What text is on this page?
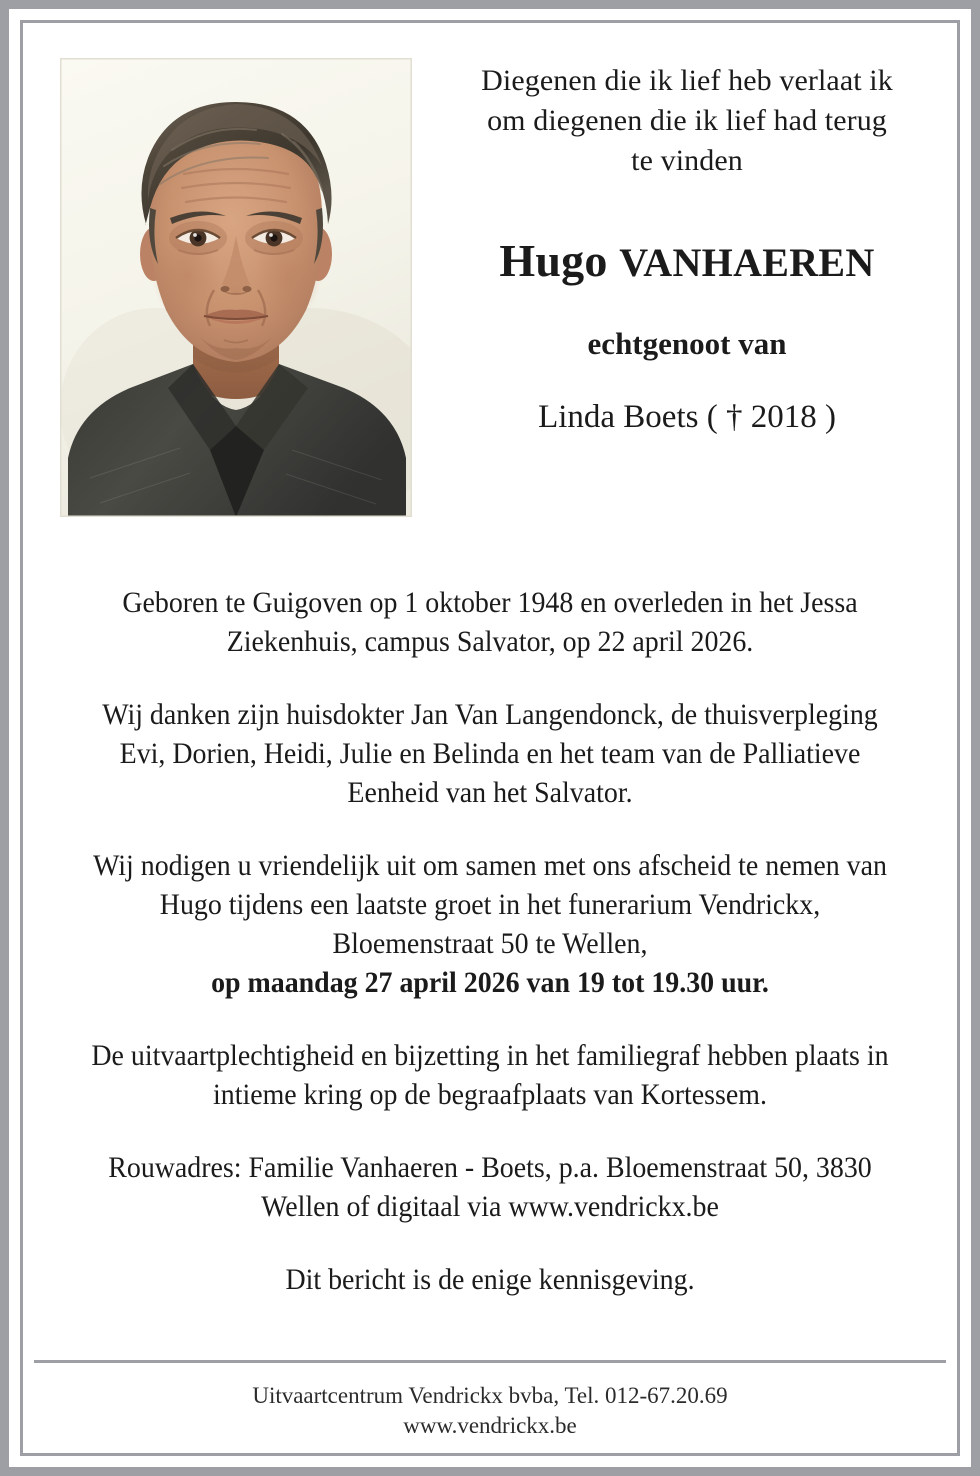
Diegenen die ik lief heb verlaat ik
om diegenen die ik lief had terug
te vinden
Hugo VANHAEREN
echtgenoot van
Linda Boets ( † 2018 )

Geboren te Guigoven op 1 oktober 1948 en overleden in het Jessa Ziekenhuis, campus Salvator, op 22 april 2026.

Wij danken zijn huisdokter Jan Van Langendonck, de thuisverpleging Evi, Dorien, Heidi, Julie en Belinda en het team van de Palliatieve Eenheid van het Salvator.

Wij nodigen u vriendelijk uit om samen met ons afscheid te nemen van Hugo tijdens een laatste groet in het funerarium Vendrickx, Bloemenstraat 50 te Wellen,
op maandag 27 april 2026 van 19 tot 19.30 uur.

De uitvaartplechtigheid en bijzetting in het familiegraf hebben plaats in intieme kring op de begraafplaats van Kortessem.

Rouwadres: Familie Vanhaeren - Boets, p.a. Bloemenstraat 50, 3830 Wellen of digitaal via www.vendrickx.be

Dit bericht is de enige kennisgeving.

Uitvaartcentrum Vendrickx bvba, Tel. 012-67.20.69
www.vendrickx.be
